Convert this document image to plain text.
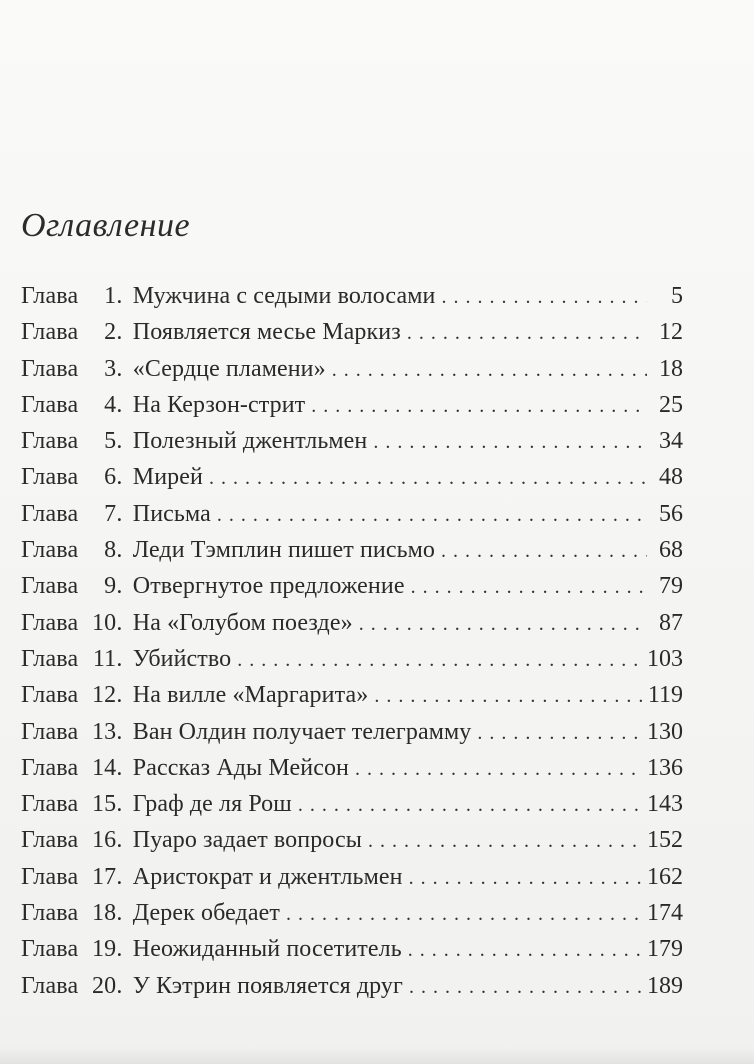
Оглавление
Глава 1. Мужчина с седыми волосами . . .	5
Глава 2. Появляется месье Маркиз . . .	12
Глава 3. «Сердце пламени» . . .	18
Глава 4. На Керзон-стрит . . .	25
Глава 5. Полезный джентльмен . . .	34
Глава 6. Мирей . . .	48
Глава 7. Письма . . .	56
Глава 8. Леди Тэмплин пишет письмо . . .	68
Глава 9. Отвергнутое предложение . . .	79
Глава 10. На «Голубом поезде» . . .	87
Глава 11. Убийство . . .	103
Глава 12. На вилле «Маргарита» . . .	119
Глава 13. Ван Олдин получает телеграмму . . .	130
Глава 14. Рассказ Ады Мейсон . . .	136
Глава 15. Граф де ля Рош . . .	143
Глава 16. Пуаро задает вопросы . . .	152
Глава 17. Аристократ и джентльмен . . .	162
Глава 18. Дерек обедает . . .	174
Глава 19. Неожиданный посетитель . . .	179
Глава 20. У Кэтрин появляется друг . . .	189
